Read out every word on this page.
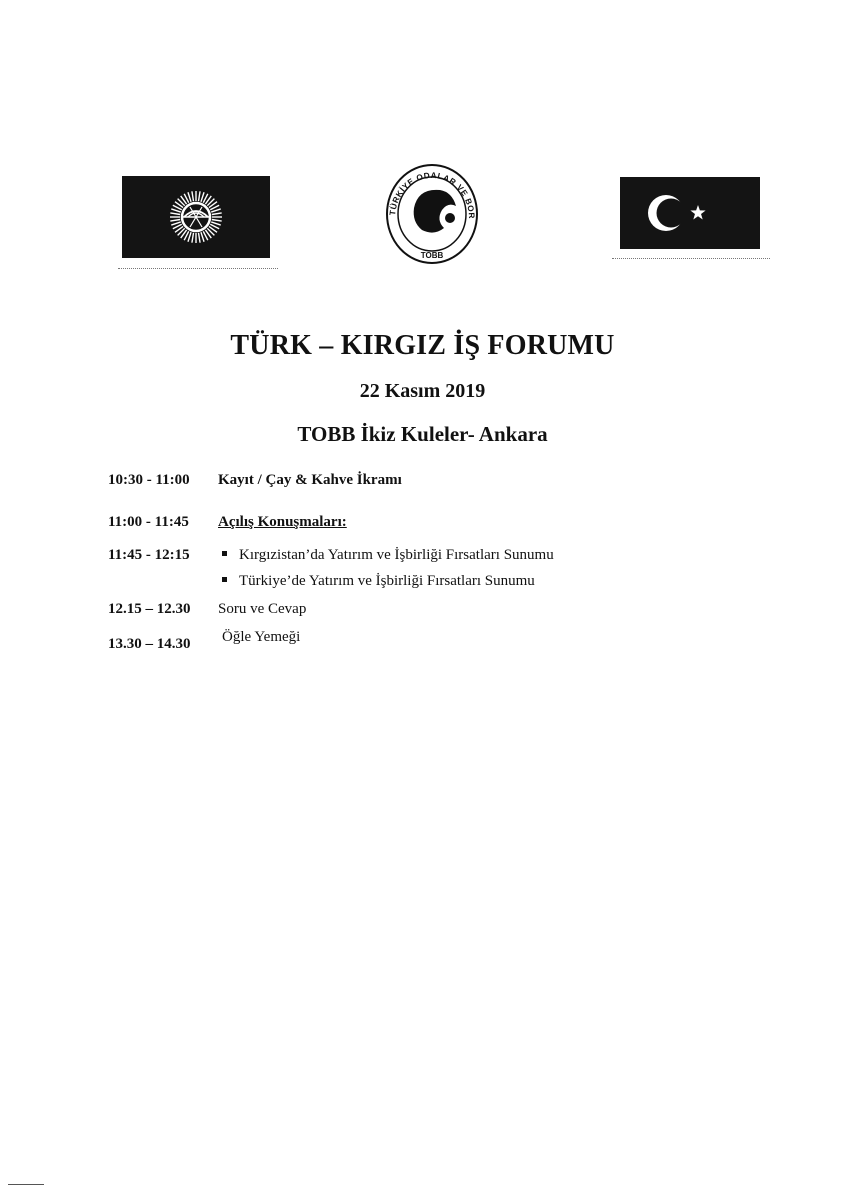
TÜRKİYE ODALAR VE BOR
TOBB
TÜRK – KIRGIZ İŞ FORUMU
22 Kasım 2019
TOBB İkiz Kuleler- Ankara
10:30 - 11:00 Kayıt / Çay & Kahve İkramı
11:00 - 11:45 Açılış Konuşmaları:
11:45 - 12:15	Kırgızistan’da Yatırım ve İşbirliği Fırsatları Sunumu
Türkiye’de Yatırım ve İşbirliği Fırsatları Sunumu
12.15 – 12.30 Soru ve Cevap
13.30 – 14.30 Öğle Yemeği
